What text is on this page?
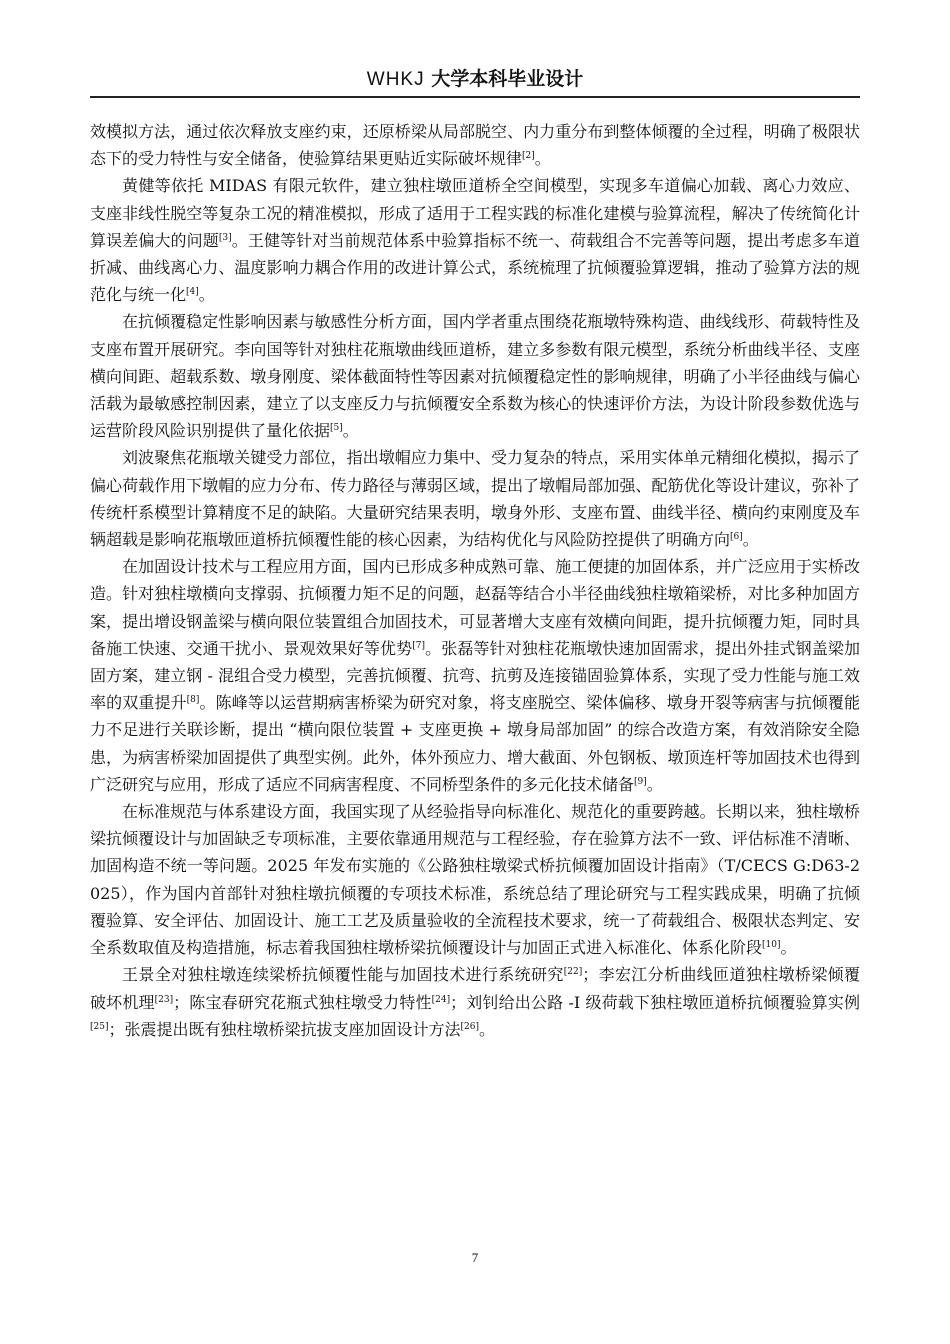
WHKJ 大学本科毕业设计

效模拟方法，通过依次释放支座约束，还原桥梁从局部脱空、内力重分布到整体倾覆的全过程，明确了极限状态下的受力特性与安全储备，使验算结果更贴近实际破坏规律[2]。

黄健等依托 MIDAS 有限元软件，建立独柱墩匝道桥全空间模型，实现多车道偏心加载、离心力效应、支座非线性脱空等复杂工况的精准模拟，形成了适用于工程实践的标准化建模与验算流程，解决了传统简化计算误差偏大的问题[3]。王健等针对当前规范体系中验算指标不统一、荷载组合不完善等问题，提出考虑多车道折减、曲线离心力、温度影响力耦合作用的改进计算公式，系统梳理了抗倾覆验算逻辑，推动了验算方法的规范化与统一化[4]。

在抗倾覆稳定性影响因素与敏感性分析方面，国内学者重点围绕花瓶墩特殊构造、曲线线形、荷载特性及支座布置开展研究。李向国等针对独柱花瓶墩曲线匝道桥，建立多参数有限元模型，系统分析曲线半径、支座横向间距、超载系数、墩身刚度、梁体截面特性等因素对抗倾覆稳定性的影响规律，明确了小半径曲线与偏心活载为最敏感控制因素，建立了以支座反力与抗倾覆安全系数为核心的快速评价方法，为设计阶段参数优选与运营阶段风险识别提供了量化依据[5]。

刘波聚焦花瓶墩关键受力部位，指出墩帽应力集中、受力复杂的特点，采用实体单元精细化模拟，揭示了偏心荷载作用下墩帽的应力分布、传力路径与薄弱区域，提出了墩帽局部加强、配筋优化等设计建议，弥补了传统杆系模型计算精度不足的缺陷。大量研究结果表明，墩身外形、支座布置、曲线半径、横向约束刚度及车辆超载是影响花瓶墩匝道桥抗倾覆性能的核心因素，为结构优化与风险防控提供了明确方向[6]。

在加固设计技术与工程应用方面，国内已形成多种成熟可靠、施工便捷的加固体系，并广泛应用于实桥改造。针对独柱墩横向支撑弱、抗倾覆力矩不足的问题，赵磊等结合小半径曲线独柱墩箱梁桥，对比多种加固方案，提出增设钢盖梁与横向限位装置组合加固技术，可显著增大支座有效横向间距，提升抗倾覆力矩，同时具备施工快速、交通干扰小、景观效果好等优势[7]。张磊等针对独柱花瓶墩快速加固需求，提出外挂式钢盖梁加固方案，建立钢 - 混组合受力模型，完善抗倾覆、抗弯、抗剪及连接锚固验算体系，实现了受力性能与施工效率的双重提升[8]。陈峰等以运营期病害桥梁为研究对象，将支座脱空、梁体偏移、墩身开裂等病害与抗倾覆能力不足进行关联诊断，提出 “横向限位装置 + 支座更换 + 墩身局部加固” 的综合改造方案，有效消除安全隐患，为病害桥梁加固提供了典型实例。此外，体外预应力、增大截面、外包钢板、墩顶连杆等加固技术也得到广泛研究与应用，形成了适应不同病害程度、不同桥型条件的多元化技术储备[9]。

在标准规范与体系建设方面，我国实现了从经验指导向标准化、规范化的重要跨越。长期以来，独柱墩桥梁抗倾覆设计与加固缺乏专项标准，主要依靠通用规范与工程经验，存在验算方法不一致、评估标准不清晰、加固构造不统一等问题。2025 年发布实施的《公路独柱墩梁式桥抗倾覆加固设计指南》（T/CECS G:D63-2025），作为国内首部针对独柱墩抗倾覆的专项技术标准，系统总结了理论研究与工程实践成果，明确了抗倾覆验算、安全评估、加固设计、施工工艺及质量验收的全流程技术要求，统一了荷载组合、极限状态判定、安全系数取值及构造措施，标志着我国独柱墩桥梁抗倾覆设计与加固正式进入标准化、体系化阶段[10]。

王景全对独柱墩连续梁桥抗倾覆性能与加固技术进行系统研究[22]；李宏江分析曲线匝道独柱墩桥梁倾覆破坏机理[23]；陈宝春研究花瓶式独柱墩受力特性[24]；刘钊给出公路 -I 级荷载下独柱墩匝道桥抗倾覆验算实例[25]；张震提出既有独柱墩桥梁抗拔支座加固设计方法[26]。

7
